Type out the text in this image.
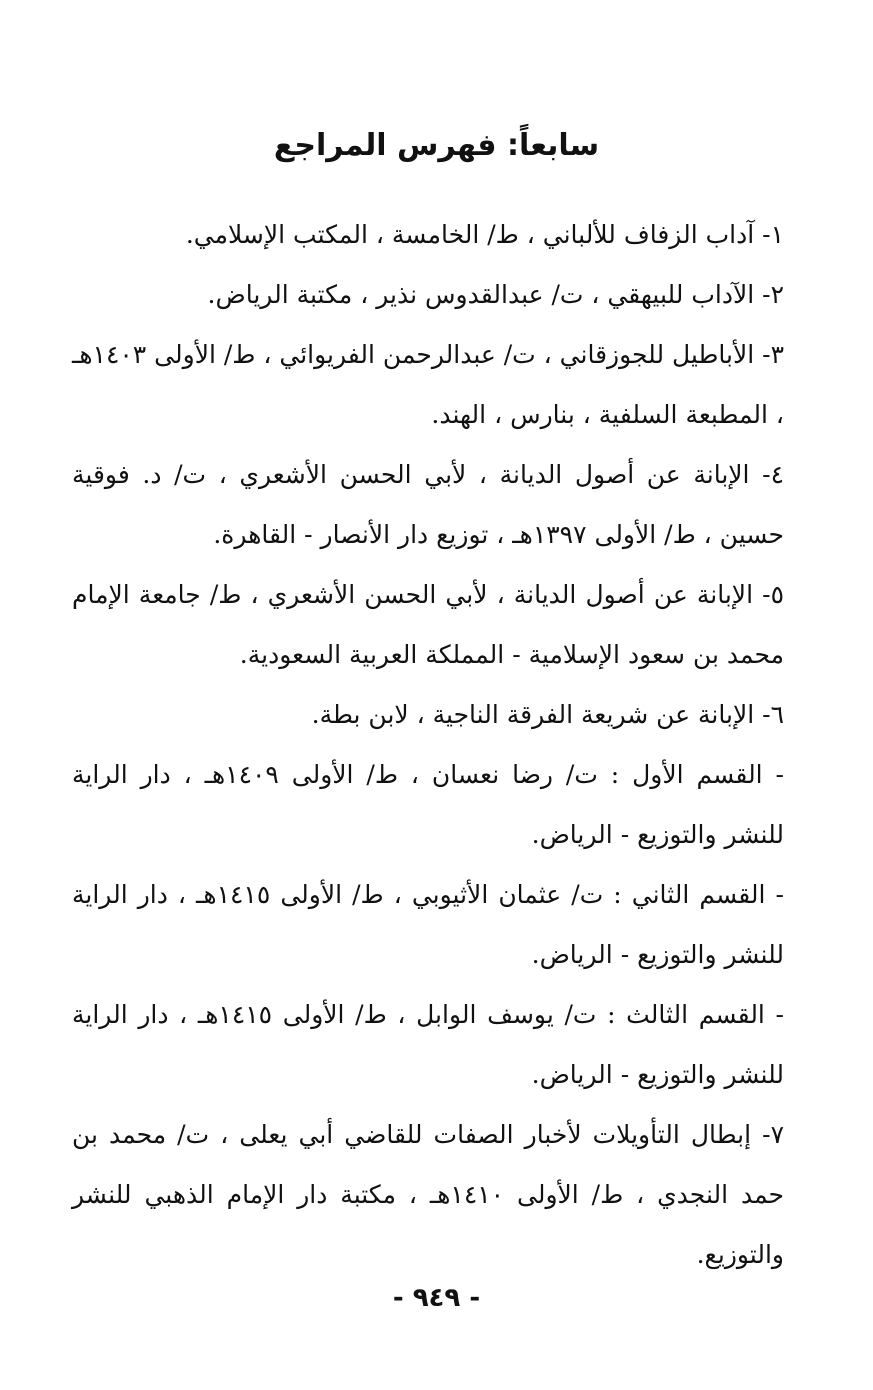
سابعاً: فهرس المراجع
١- آداب الزفاف للألباني ، ط/ الخامسة ، المكتب الإسلامي.
٢- الآداب للبيهقي ، ت/ عبدالقدوس نذير ، مكتبة الرياض.
٣- الأباطيل للجوزقاني ، ت/ عبدالرحمن الفريوائي ، ط/ الأولى ١٤٠٣هـ ، المطبعة السلفية ، بنارس ، الهند.
٤- الإبانة عن أصول الديانة ، لأبي الحسن الأشعري ، ت/ د. فوقية حسين ، ط/ الأولى ١٣٩٧هـ ، توزيع دار الأنصار - القاهرة.
٥- الإبانة عن أصول الديانة ، لأبي الحسن الأشعري ، ط/ جامعة الإمام محمد بن سعود الإسلامية - المملكة العربية السعودية.
٦- الإبانة عن شريعة الفرقة الناجية ، لابن بطة.
- القسم الأول : ت/ رضا نعسان ، ط/ الأولى ١٤٠٩هـ ، دار الراية للنشر والتوزيع - الرياض.
- القسم الثاني : ت/ عثمان الأثيوبي ، ط/ الأولى ١٤١٥هـ ، دار الراية للنشر والتوزيع - الرياض.
- القسم الثالث : ت/ يوسف الوابل ، ط/ الأولى ١٤١٥هـ ، دار الراية للنشر والتوزيع - الرياض.
٧- إبطال التأويلات لأخبار الصفات للقاضي أبي يعلى ، ت/ محمد بن حمد النجدي ، ط/ الأولى ١٤١٠هـ ، مكتبة دار الإمام الذهبي للنشر والتوزيع.
- ٩٤٩ -
